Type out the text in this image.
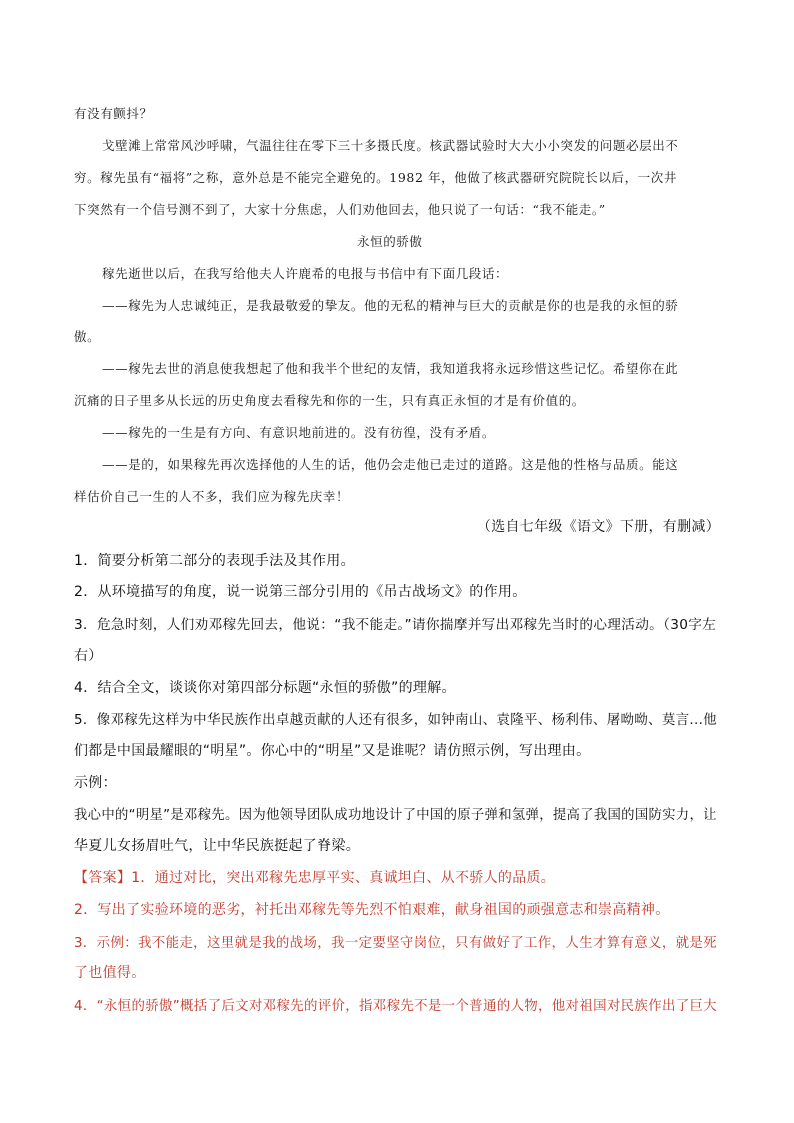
有没有颤抖？
戈壁滩上常常风沙呼啸，气温往往在零下三十多摄氏度。核武器试验时大大小小突发的问题必层出不
穷。稼先虽有“福将”之称，意外总是不能完全避免的。1982 年，他做了核武器研究院院长以后，一次井
下突然有一个信号测不到了，大家十分焦虑，人们劝他回去，他只说了一句话：“我不能走。”
永恒的骄傲
稼先逝世以后，在我写给他夫人许鹿希的电报与书信中有下面几段话：
——稼先为人忠诚纯正，是我最敬爱的挚友。他的无私的精神与巨大的贡献是你的也是我的永恒的骄
傲。
——稼先去世的消息使我想起了他和我半个世纪的友情，我知道我将永远珍惜这些记忆。希望你在此
沉痛的日子里多从长远的历史角度去看稼先和你的一生，只有真正永恒的才是有价值的。
——稼先的一生是有方向、有意识地前进的。没有彷徨，没有矛盾。
——是的，如果稼先再次选择他的人生的话，他仍会走他已走过的道路。这是他的性格与品质。能这
样估价自己一生的人不多，我们应为稼先庆幸！
（选自七年级《语文》下册，有删减）
1．简要分析第二部分的表现手法及其作用。
2．从环境描写的角度，说一说第三部分引用的《吊古战场文》的作用。
3．危急时刻，人们劝邓稼先回去，他说：“我不能走。”请你揣摩并写出邓稼先当时的心理活动。（30字左
右）
4．结合全文，谈谈你对第四部分标题“永恒的骄傲”的理解。
5．像邓稼先这样为中华民族作出卓越贡献的人还有很多，如钟南山、袁隆平、杨利伟、屠呦呦、莫言...他
们都是中国最耀眼的“明星”。你心中的“明星”又是谁呢？请仿照示例，写出理由。
示例：
我心中的“明星”是邓稼先。因为他领导团队成功地设计了中国的原子弹和氢弹，提高了我国的国防实力，让
华夏儿女扬眉吐气，让中华民族挺起了脊梁。
【答案】1．通过对比，突出邓稼先忠厚平实、真诚坦白、从不骄人的品质。
2．写出了实验环境的恶劣，衬托出邓稼先等先烈不怕艰难，献身祖国的顽强意志和崇高精神。
3．示例：我不能走，这里就是我的战场，我一定要坚守岗位，只有做好了工作，人生才算有意义，就是死
了也值得。
4．“永恒的骄傲”概括了后文对邓稼先的评价，指邓稼先不是一个普通的人物，他对祖国对民族作出了巨大
